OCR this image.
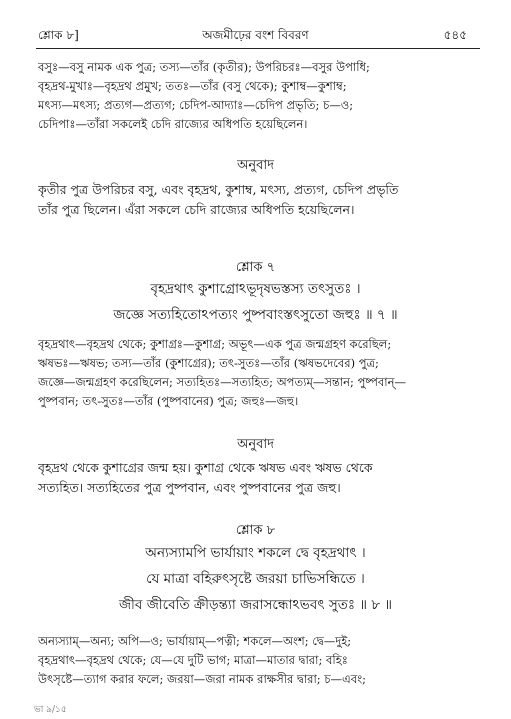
শ্লোক ৮]	অজমীঢ়ের বংশ বিবরণ	৫৪৫
বসুঃ—বসু নামক এক পুত্র; তস্য—তাঁর (কৃতীর); উপরিচরঃ—বসুর উপাধি;
বৃহদ্রথ-মুখাঃ—বৃহদ্রথ প্রমুখ; ততঃ—তাঁর (বসু থেকে); কুশাম্ব—কুশাম্ব;
মৎস্য—মৎস্য; প্রত্যগ—প্রত্যগ; চেদিপ-আদ্যাঃ—চেদিপ প্রভৃতি; চ—ও;
চেদিপাঃ—তাঁরা সকলেই চেদি রাজ্যের অধিপতি হয়েছিলেন।
অনুবাদ
কৃতীর পুত্র উপরিচর বসু, এবং বৃহদ্রথ, কুশাম্ব, মৎস্য, প্রত্যগ, চেদিপ প্রভৃতি
তাঁর পুত্র ছিলেন। এঁরা সকলে চেদি রাজ্যের অধিপতি হয়েছিলেন।
শ্লোক ৭
বৃহদ্রথাৎ কুশাগ্রোঽভূদৃষভস্তস্য তৎসুতঃ ।
জজ্ঞে সত্যহিতোঽপত্যং পুষ্পবাংস্তৎসুতো জহুঃ ॥ ৭ ॥
বৃহদ্রথাৎ—বৃহদ্রথ থেকে; কুশাগ্রঃ—কুশাগ্র; অভূৎ—এক পুত্র জন্মগ্রহণ করেছিল;
ঋষভঃ—ঋষভ; তস্য—তাঁর (কুশাগ্রের); তৎ-সুতঃ—তাঁর (ঋষভদেবের) পুত্র;
জজ্ঞে—জন্মগ্রহণ করেছিলেন; সত্যহিতঃ—সত্যহিত; অপত্যম্—সন্তান; পুষ্পবান্—
পুষ্পবান; তৎ-সুতঃ—তাঁর (পুষ্পবানের) পুত্র; জহুঃ—জহু।
অনুবাদ
বৃহদ্রথ থেকে কুশাগ্রের জন্ম হয়। কুশাগ্র থেকে ঋষভ এবং ঋষভ থেকে
সত্যহিত। সত্যহিতের পুত্র পুষ্পবান, এবং পুষ্পবানের পুত্র জহু।
শ্লোক ৮
অন্যস্যামপি ভার্যায়াং শকলে দ্বে বৃহদ্রথাৎ ।
যে মাত্রা বহিরুৎসৃষ্টে জরয়া চাভিসন্ধিতে ।
জীব জীবেতি ক্রীড়ন্ত্যা জরাসন্ধোঽভবৎ সুতঃ ॥ ৮ ॥
অন্যস্যাম্—অন্য; অপি—ও; ভার্যায়াম্—পত্নী; শকলে—অংশ; দ্বে—দুই;
বৃহদ্রথাৎ—বৃহদ্রথ থেকে; যে—যে দুটি ভাগ; মাত্রা—মাতার দ্বারা; বহিঃ
উৎসৃষ্টে—ত্যাগ করার ফলে; জরয়া—জরা নামক রাক্ষসীর দ্বারা; চ—এবং;
ভা ৯/১৫
